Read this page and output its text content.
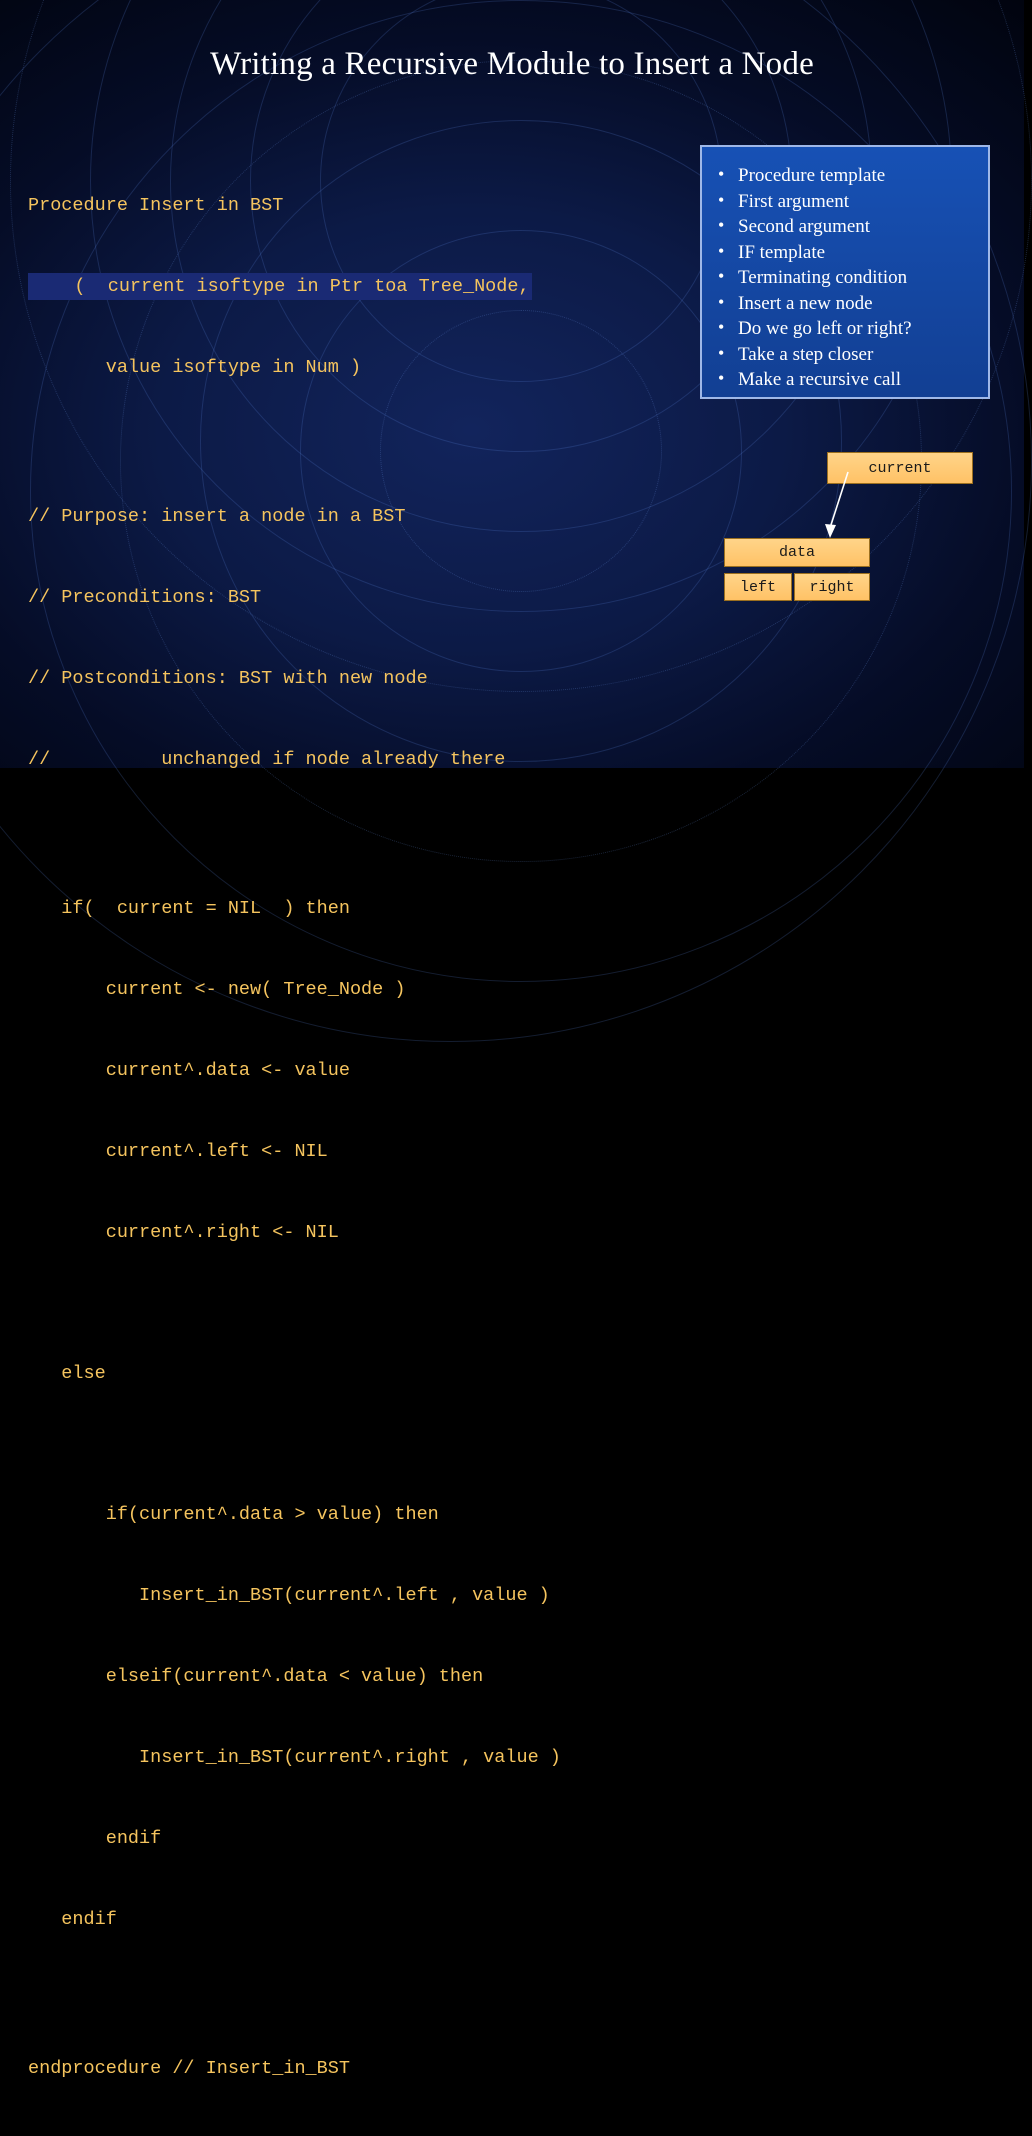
Writing a Recursive Module to Insert a Node

Procedure Insert in BST

(  current isoftype in Ptr toa Tree_Node,

value isoftype in Num )

// Purpose: insert a node in a BST

// Preconditions: BST

// Postconditions: BST with new node

//          unchanged if node already there

if(  current = NIL  ) then

current <- new( Tree_Node )

current^.data <- value

current^.left <- NIL

current^.right <- NIL

else

if(current^.data > value) then

Insert_in_BST(current^.left , value )

elseif(current^.data < value) then

Insert_in_BST(current^.right , value )

endif

endif

endprocedure // Insert_in_BST

• Procedure template
• First argument
• Second argument
• IF template
• Terminating condition
• Insert a new node
• Do we go left or right?
• Take a step closer
• Make a recursive call
current
data
left	right
